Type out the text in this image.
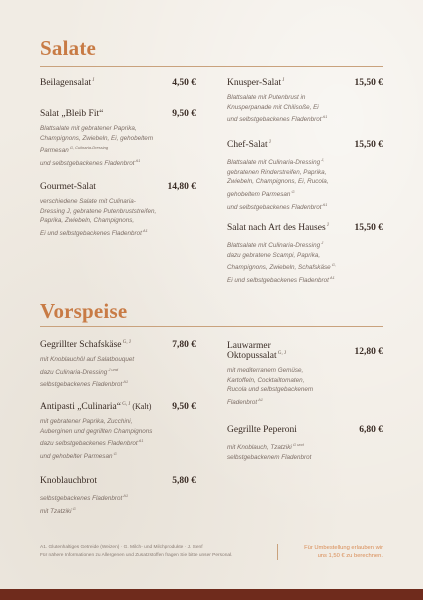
Salate
Beilagensalat $^J$	4,50 €
Salat „Bleib Fit“	9,50 €
Blattsalate mit gebratener Paprika,
Champignons, Zwiebeln, Ei, gehobeltem
Parmesan $^{G, Culinaria-Dressing}$
und selbstgebackenes Fladenbrot $^{A1}$
Gourmet-Salat	14,80 €
verschiedene Salate mit Culinaria-
Dressing J, gebratene Putenbruststreifen,
Paprika, Zwiebeln, Champignons,
Ei und selbstgebackenes Fladenbrot $^{A1}$
Knusper-Salat $^J$	15,50 €
Blattsalate mit Putenbrust in
Knusperpanade mit Chilisoße, Ei
und selbstgebackenes Fladenbrot $^{A1}$
Chef-Salat $^J$	15,50 €
Blattsalate mit Culinaria-Dressing $^{J,}$
gebratenen Rinderstreifen, Paprika,
Zwiebeln, Champignons, Ei, Rucola,
gehobeltem Parmesan $^G$
und selbstgebackenes Fladenbrot $^{A1}$
Salat nach Art des Hauses $^J$	15,50 €
Blattsalate mit Culinaria-Dressing $^J$
dazu gebratene Scampi, Paprika,
Champignons, Zwiebeln, Schafskäse $^{G,}$
Ei und selbstgebackenes Fladenbrot $^{A1}$
Vorspeise
Gegrillter Schafskäse $^{G, J}$	7,80 €
mit Knoblauchöl auf Salatbouquet
dazu Culinaria-Dressing $^{J und}$
selbstgebackenes Fladenbrot $^{A1}$
Antipasti „Culinaria“ $^{G, J}$ (Kalt) 9,50 €
mit gebratener Paprika, Zucchini,
Auberginen und gegrillten Champignons
dazu selbstgebackenes Fladenbrot $^{A1}$
und gehobelter Parmesan $^G$
Knoblauchbrot	5,80 €
selbstgebackenes Fladenbrot $^{A1}$
mit Tzatziki $^G$
Lauwarmer
Oktopussalat $^{G, J}$	12,80 €
mit mediterranem Gemüse,
Kartoffeln, Cocktailtomaten,
Rucola und selbstgebackenem
Fladenbrot $^{A1}$
Gegrillte Peperoni	6,80 €
mit Knoblauch, Tzatziki $^{G und}$
selbstgebackenem Fladenbrot
A1. Glutenhaltiges Getreide (Weizen) · G. Milch- und Milchprodukte · J. Senf
Für nähere Informationen zu Allergenen und Zusatzstoffen fragen Sie bitte unser Personal.
Für Umbestellung erlauben wir
uns 1,50 € zu berechnen.
